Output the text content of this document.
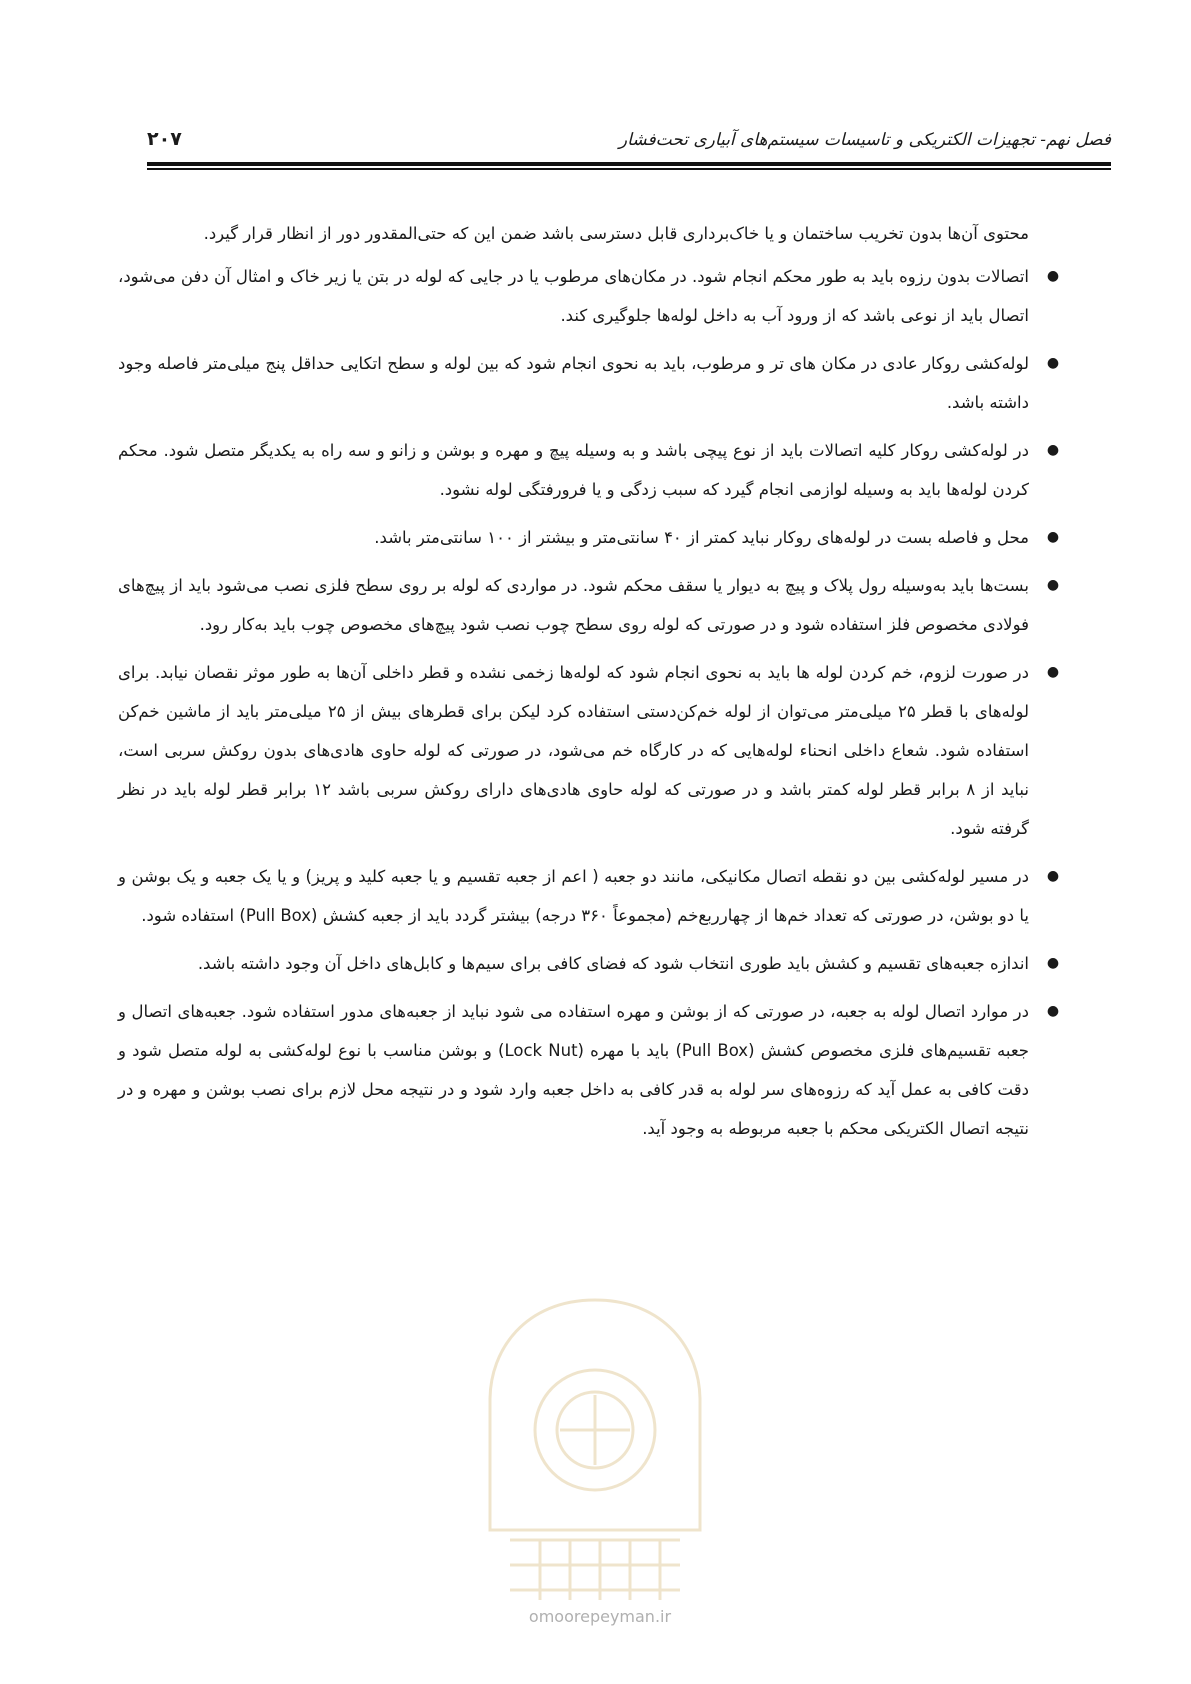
فصل نهم- تجهیزات الکتریکی و تاسیسات سیستم‌های آبیاری تحت‌فشار
۲۰۷

محتوی آن‌ها بدون تخریب ساختمان و یا خاک‌برداری قابل دسترسی باشد ضمن این که حتی‌المقدور دور از انظار قرار گیرد.

●
اتصالات بدون رزوه باید به طور محکم انجام شود. در مکان‌های مرطوب یا در جایی که لوله در بتن یا زیر خاک و امثال آن دفن می‌شود، اتصال باید از نوعی باشد که از ورود آب به داخل لوله‌ها جلوگیری کند.
●
لوله‌کشی روکار عادی در مکان های تر و مرطوب، باید به نحوی انجام شود که بین لوله و سطح اتکایی حداقل پنج میلی‌متر فاصله وجود داشته باشد.
●
در لوله‌کشی روکار کلیه اتصالات باید از نوع پیچی باشد و به وسیله پیچ و مهره و بوشن و زانو و سه راه به یکدیگر متصل شود. محکم کردن لوله‌ها باید به وسیله لوازمی انجام گیرد که سبب زدگی و یا فرورفتگی لوله نشود.
●
محل و فاصله بست در لوله‌های روکار نباید کمتر از ۴۰ سانتی‌متر و بیشتر از ۱۰۰ سانتی‌متر باشد.
●
بست‌ها باید به‌وسیله رول پلاک و پیچ به دیوار یا سقف محکم شود. در مواردی که لوله بر روی سطح فلزی نصب می‌شود باید از پیچ‌های فولادی مخصوص فلز استفاده شود و در صورتی که لوله روی سطح چوب نصب شود پیچ‌های مخصوص چوب باید به‌کار رود.
●
در صورت لزوم، خم کردن لوله ها باید به نحوی انجام شود که لوله‌ها زخمی نشده و قطر داخلی آن‌ها به طور موثر نقصان نیابد. برای لوله‌های با قطر ۲۵ میلی‌متر می‌توان از لوله خم‌کن‌دستی استفاده کرد لیکن برای قطرهای بیش از ۲۵ میلی‌متر باید از ماشین خم‌کن استفاده شود. شعاع داخلی انحناء لوله‌هایی که در کارگاه خم می‌شود، در صورتی که لوله حاوی هادی‌های بدون روکش سربی است، نباید از ۸ برابر قطر لوله کمتر باشد و در صورتی که لوله حاوی هادی‌های دارای روکش سربی باشد ۱۲ برابر قطر لوله باید در نظر گرفته شود.
●
در مسیر لوله‌کشی بین دو نقطه اتصال مکانیکی، مانند دو جعبه ( اعم از جعبه تقسیم و یا جعبه کلید و پریز) و یا یک جعبه و یک بوشن و یا دو بوشن، در صورتی که تعداد خم‌ها از چهارربع‌خم (مجموعاً ۳۶۰ درجه) بیشتر گردد باید از جعبه کشش (Pull Box) استفاده شود.
●
اندازه جعبه‌های تقسیم و کشش باید طوری انتخاب شود که فضای کافی برای سیم‌ها و کابل‌های داخل آن وجود داشته باشد.
●
در موارد اتصال لوله به جعبه، در صورتی که از بوشن و مهره استفاده می شود نباید از جعبه‌های مدور استفاده شود. جعبه‌های اتصال و جعبه تقسیم‌های فلزی مخصوص کشش (Pull Box) باید با مهره (Lock Nut) و بوشن مناسب با نوع لوله‌کشی به لوله متصل شود و دقت کافی به عمل آید که رزوه‌های سر لوله به قدر کافی به داخل جعبه وارد شود و در نتیجه محل لازم برای نصب بوشن و مهره و در نتیجه اتصال الکتریکی محکم با جعبه مربوطه به وجود آید.
omoorepeyman.ir
